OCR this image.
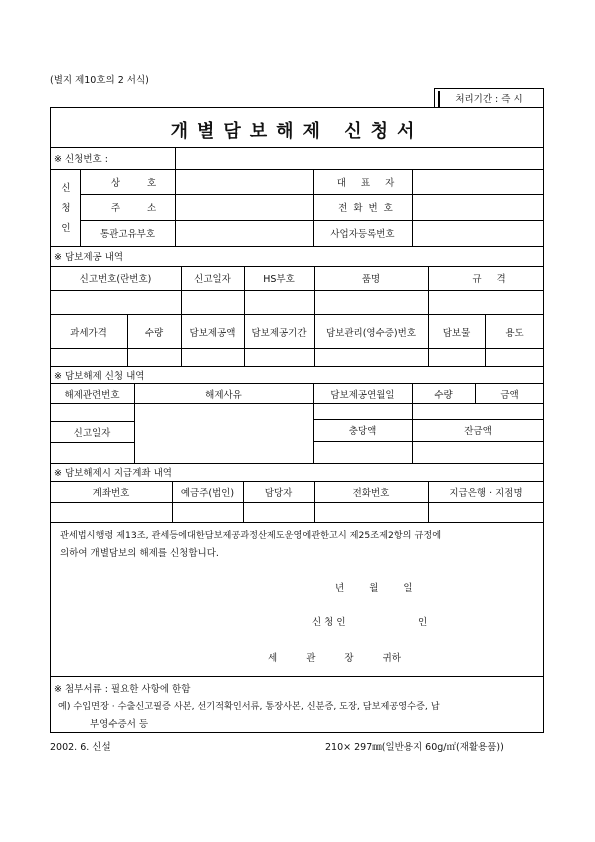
(별지 제10호의 2 서식)
처리기간 : 즉 시
개별담보해제 신청서
※ 신청번호 :
신
청
인
상 호	대 표 자
주 소	전화번호
통관고유부호	사업자등록번호
※ 담보제공 내역
신고번호(란번호)	신고일자	HS부호	품명	규 격
과세가격	수량	담보제공액	담보제공기간	담보관리(영수증)번호	담보물	용도
※ 담보해제 신청 내역
해제관련번호	해제사유	담보제공연월일	수량	금액
신고일자	충당액	잔금액
※ 담보해제시 지급계좌 내역
계좌번호	예금주(법인)	담당자	전화번호	지급은행 · 지점명
관세법시행령 제13조, 관세등에대한담보제공과정산제도운영에관한고시 제25조제2항의 규정에
의하여 개별담보의 해제를 신청합니다.
년 월 일
신청인	인
세 관 장 귀하
※ 첨부서류 : 필요한 사항에 한함
예) 수입면장 · 수출신고필증 사본, 선기적확인서류, 통장사본, 신분증, 도장, 담보제공영수증, 납
부영수증서 등
2002. 6. 신설	210× 297㎜(일반용지 60g/㎡(재활용품))
